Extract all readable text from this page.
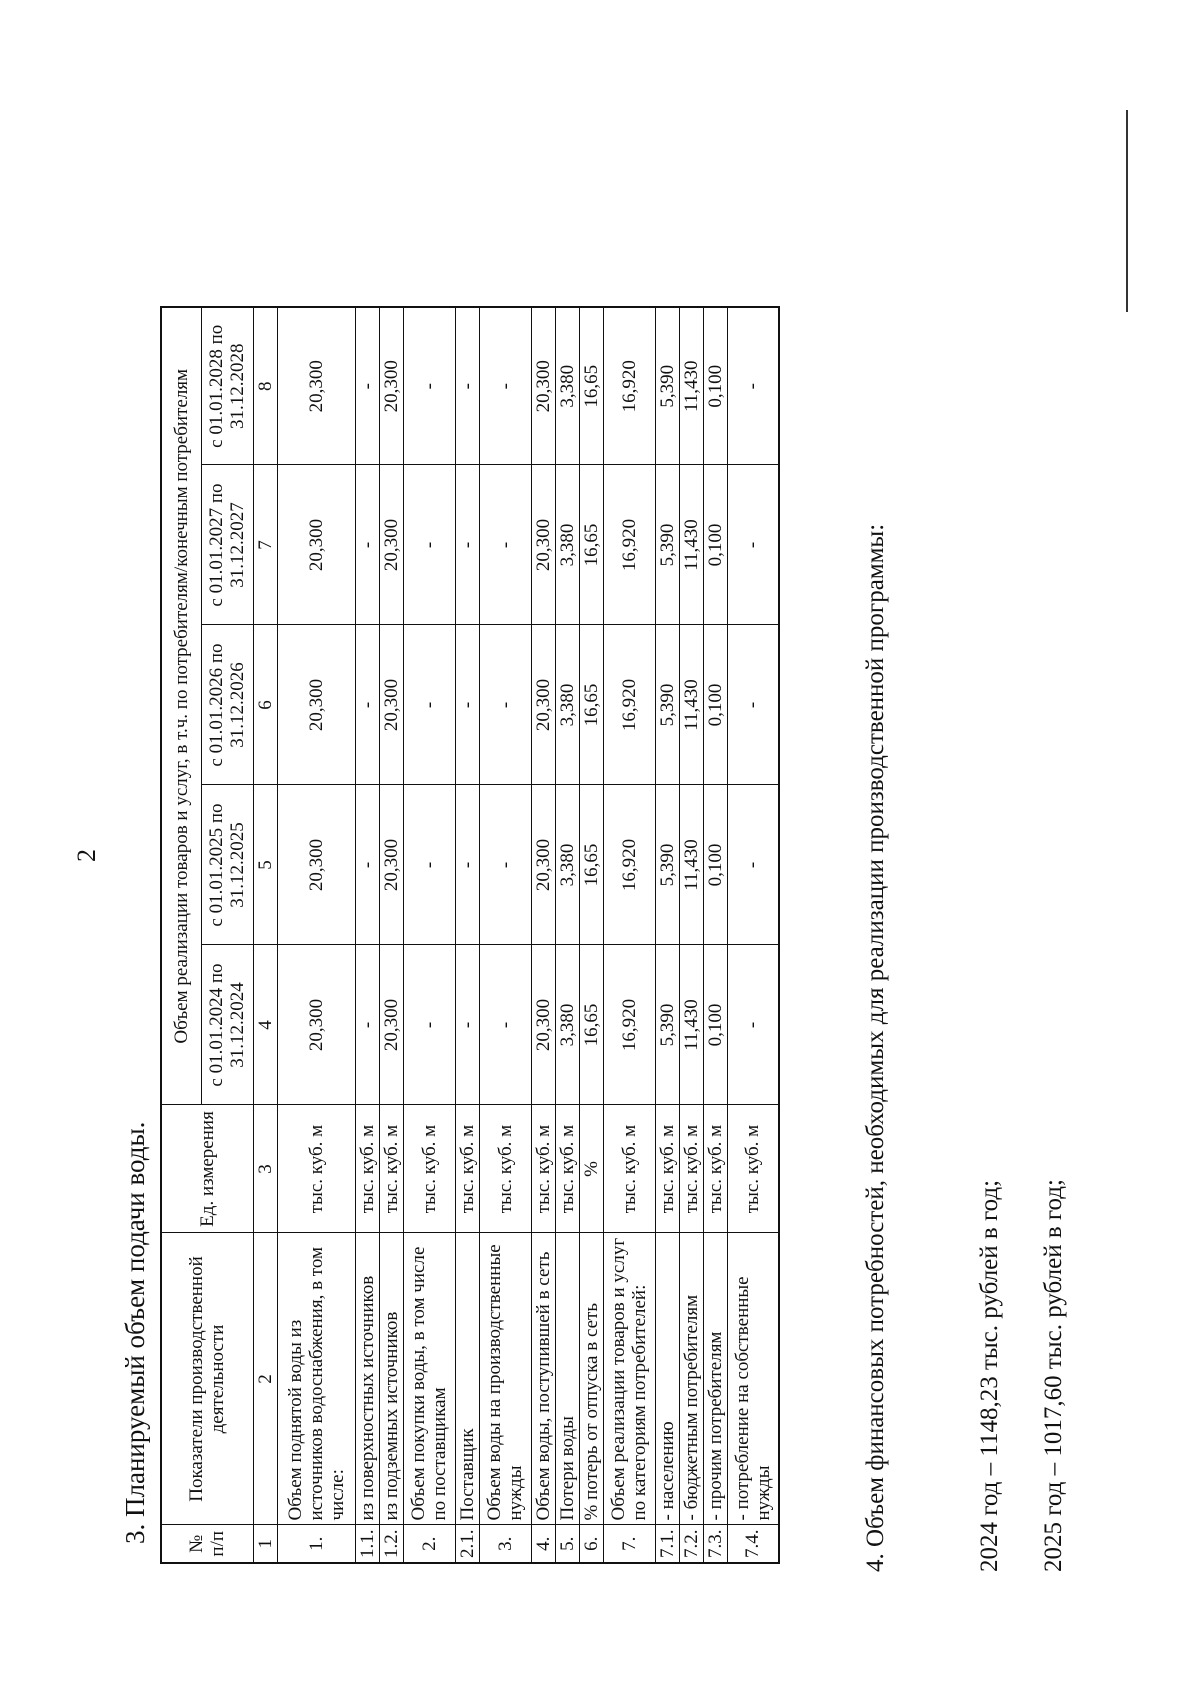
2
3. Планируемый объем подачи воды. № п/п	Показатели производственной деятельности	Ед. измерения	Объем реализации товаров и услуг, в т.ч. по потребителям/конечным потребителям				
			с 01.01.2024 по 31.12.2024	с 01.01.2025 по 31.12.2025	с 01.01.2026 по 31.12.2026	с 01.01.2027 по 31.12.2027	с 01.01.2028 по 31.12.2028
1	2	3	4	5	6	7	8
1.	Объем поднятой воды из источников водоснабжения, в том числе:	тыс. куб. м	20,300	20,300	20,300	20,300	20,300
1.1.	из поверхностных источников	тыс. куб. м	-	-	-	-	-
1.2.	из подземных источников	тыс. куб. м	20,300	20,300	20,300	20,300	20,300
2.	Объем покупки воды, в том числе по поставщикам	тыс. куб. м	-	-	-	-	-
2.1.	Поставщик	тыс. куб. м	-	-	-	-	-
3.	Объем воды на производственные нужды	тыс. куб. м	-	-	-	-	-
4.	Объем воды, поступившей в сеть	тыс. куб. м	20,300	20,300	20,300	20,300	20,300
5.	Потери воды	тыс. куб. м	3,380	3,380	3,380	3,380	3,380
6.	% потерь от отпуска в сеть	%	16,65	16,65	16,65	16,65	16,65
7.	Объем реализации товаров и услуг по категориям потребителей:	тыс. куб. м	16,920	16,920	16,920	16,920	16,920
7.1.	- населению	тыс. куб. м	5,390	5,390	5,390	5,390	5,390
7.2.	- бюджетным потребителям	тыс. куб. м	11,430	11,430	11,430	11,430	11,430
7.3.	- прочим потребителям	тыс. куб. м	0,100	0,100	0,100	0,100	0,100
7.4.	- потребление на собственные нужды	тыс. куб. м	-	-	-	-	-
4. Объем финансовых потребностей, необходимых для реализации производственной программы:	2024 год – 1148,23 тыс. рублей в год; 2025 год – 1017,60 тыс. рублей в год;
